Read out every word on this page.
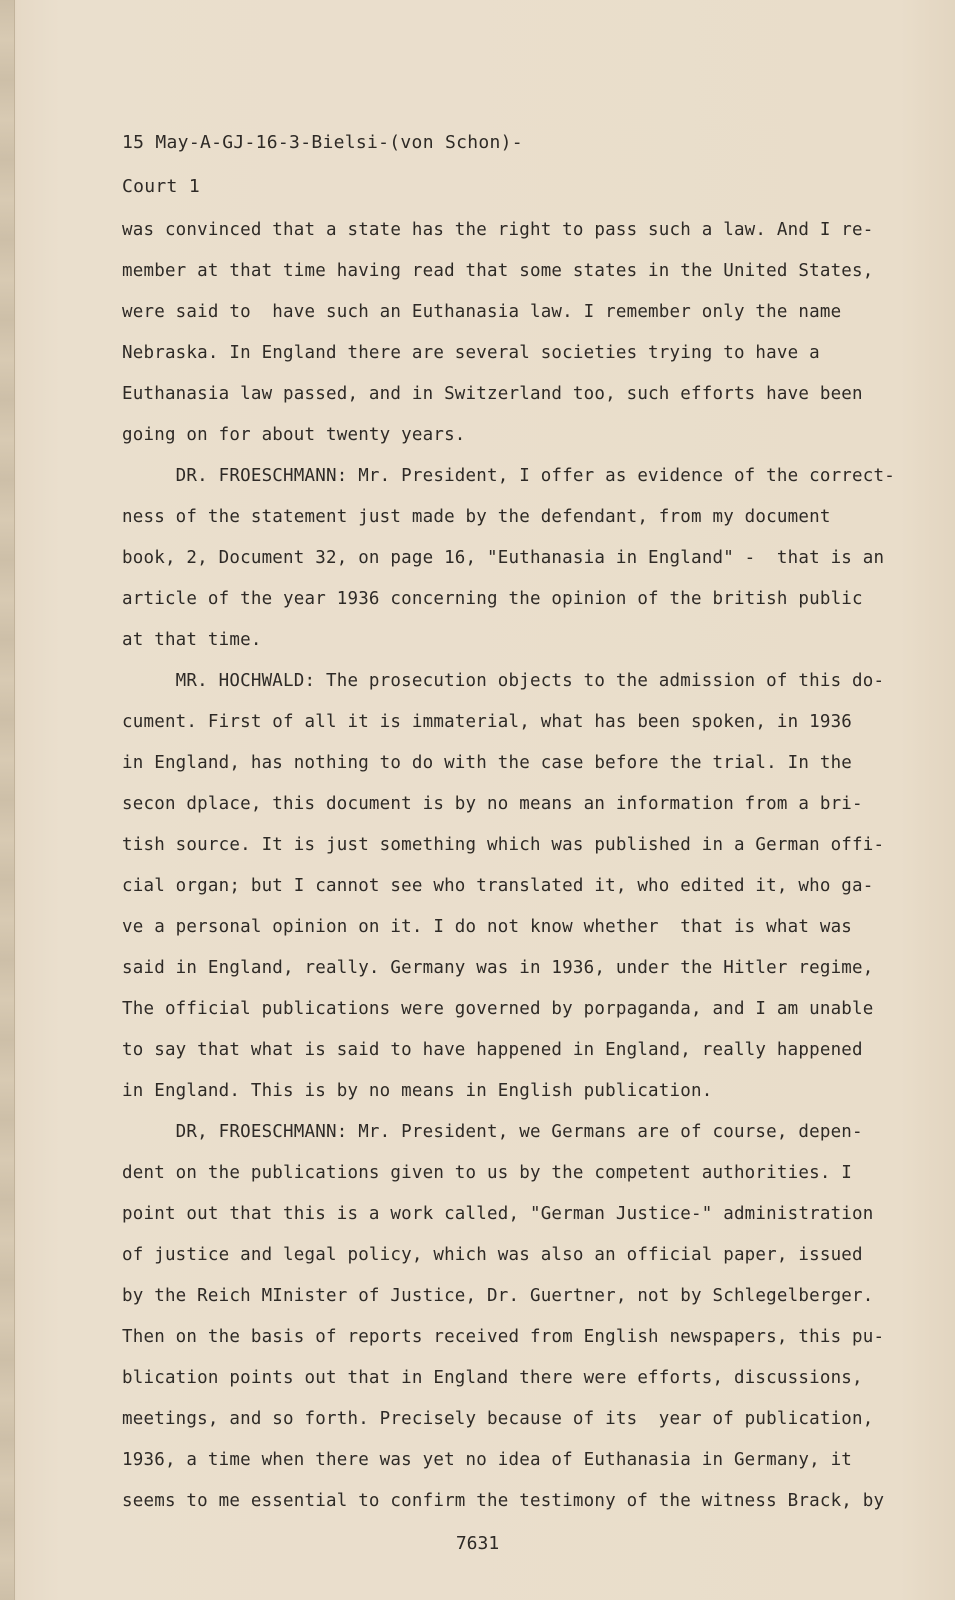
15 May-A-GJ-16-3-Bielsi-(von Schon)-
Court 1
was convinced that a state has the right to pass such a law. And I re-
member at that time having read that some states in the United States,
were said to  have such an Euthanasia law. I remember only the name
Nebraska. In England there are several societies trying to have a
Euthanasia law passed, and in Switzerland too, such efforts have been
going on for about twenty years.
DR. FROESCHMANN: Mr. President, I offer as evidence of the correct-
ness of the statement just made by the defendant, from my document
book, 2, Document 32, on page 16, "Euthanasia in England" -  that is an
article of the year 1936 concerning the opinion of the british public
at that time.
MR. HOCHWALD: The prosecution objects to the admission of this do-
cument. First of all it is immaterial, what has been spoken, in 1936
in England, has nothing to do with the case before the trial. In the
secon dplace, this document is by no means an information from a bri-
tish source. It is just something which was published in a German offi-
cial organ; but I cannot see who translated it, who edited it, who ga-
ve a personal opinion on it. I do not know whether  that is what was
said in England, really. Germany was in 1936, under the Hitler regime,
The official publications were governed by porpaganda, and I am unable
to say that what is said to have happened in England, really happened
in England. This is by no means in English publication.
DR, FROESCHMANN: Mr. President, we Germans are of course, depen-
dent on the publications given to us by the competent authorities. I
point out that this is a work called, "German Justice-" administration
of justice and legal policy, which was also an official paper, issued
by the Reich MInister of Justice, Dr. Guertner, not by Schlegelberger.
Then on the basis of reports received from English newspapers, this pu-
blication points out that in England there were efforts, discussions,
meetings, and so forth. Precisely because of its  year of publication,
1936, a time when there was yet no idea of Euthanasia in Germany, it
seems to me essential to confirm the testimony of the witness Brack, by
7631
